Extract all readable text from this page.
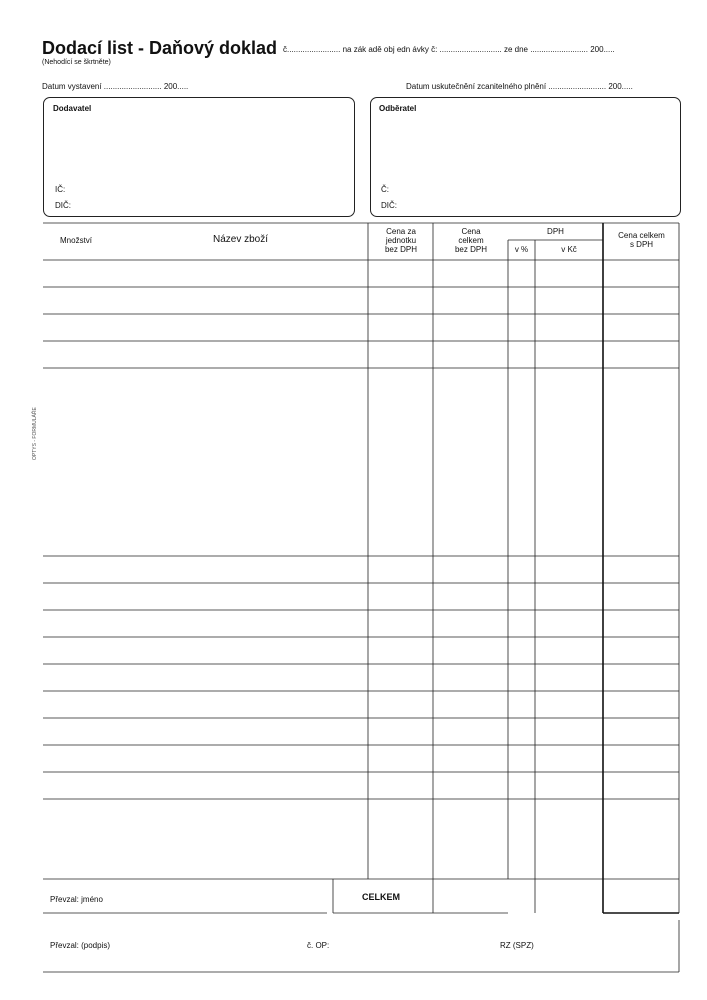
Dodací list - Daňový doklad č........................ na zák adě obj edn ávky č: ............................ ze dne .......................... 200.....
(Nehodící se škrtněte)
Datum vystavení .......................... 200.....	Datum uskutečnění zcanitelného plnění .......................... 200.....
Dodavatel
IČ:
DIČ:
Odběratel
Č:
DIČ:
Množství	Název zboží
Cena za
jednotku
bez DPH
Cena
celkem
bez DPH
DPH
v %	v Kč
Cena celkem
s DPH
Převzal: jméno	CELKEM
Převzal: (podpis)	č. OP:	RZ (SPZ)
OPTYS - FORMULÁŘE
